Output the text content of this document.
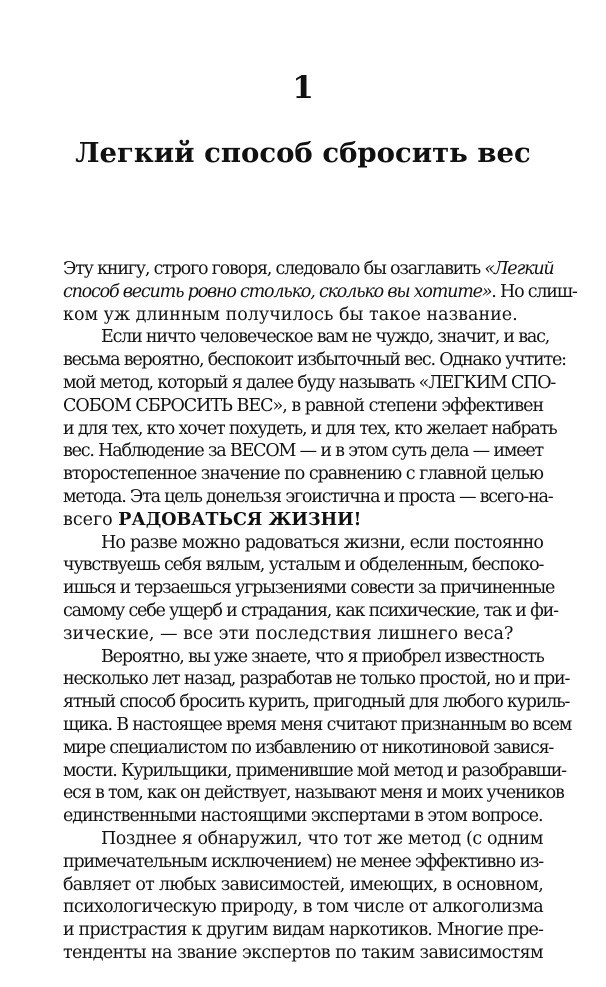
1
Легкий способ сбросить вес
Эту книгу, строго говоря, следовало бы озаглавить «Легкий
способ весить ровно столько, сколько вы хотите». Но слиш-
ком уж длинным получилось бы такое название.
Если ничто человеческое вам не чуждо, значит, и вас,
весьма вероятно, беспокоит избыточный вес. Однако учтите:
мой метод, который я далее буду называть «ЛЕГКИМ СПО-
СОБОМ СБРОСИТЬ ВЕС», в равной степени эффективен
и для тех, кто хочет похудеть, и для тех, кто желает набрать
вес. Наблюдение за ВЕСОМ — и в этом суть дела — имеет
второстепенное значение по сравнению с главной целью
метода. Эта цель донельзя эгоистична и проста — всего-на-
всего РАДОВАТЬСЯ ЖИЗНИ!
Но разве можно радоваться жизни, если постоянно
чувствуешь себя вялым, усталым и обделенным, беспоко-
ишься и терзаешься угрызениями совести за причиненные
самому себе ущерб и страдания, как психические, так и фи-
зические, — все эти последствия лишнего веса?
Вероятно, вы уже знаете, что я приобрел известность
несколько лет назад, разработав не только простой, но и при-
ятный способ бросить курить, пригодный для любого куриль-
щика. В настоящее время меня считают признанным во всем
мире специалистом по избавлению от никотиновой завися-
мости. Курильщики, применившие мой метод и разобравши-
еся в том, как он действует, называют меня и моих учеников
единственными настоящими экспертами в этом вопросе.
Позднее я обнаружил, что тот же метод (с одним
примечательным исключением) не менее эффективно из-
бавляет от любых зависимостей, имеющих, в основном,
психологическую природу, в том числе от алкоголизма
и пристрастия к другим видам наркотиков. Многие пре-
тенденты на звание экспертов по таким зависимостям
